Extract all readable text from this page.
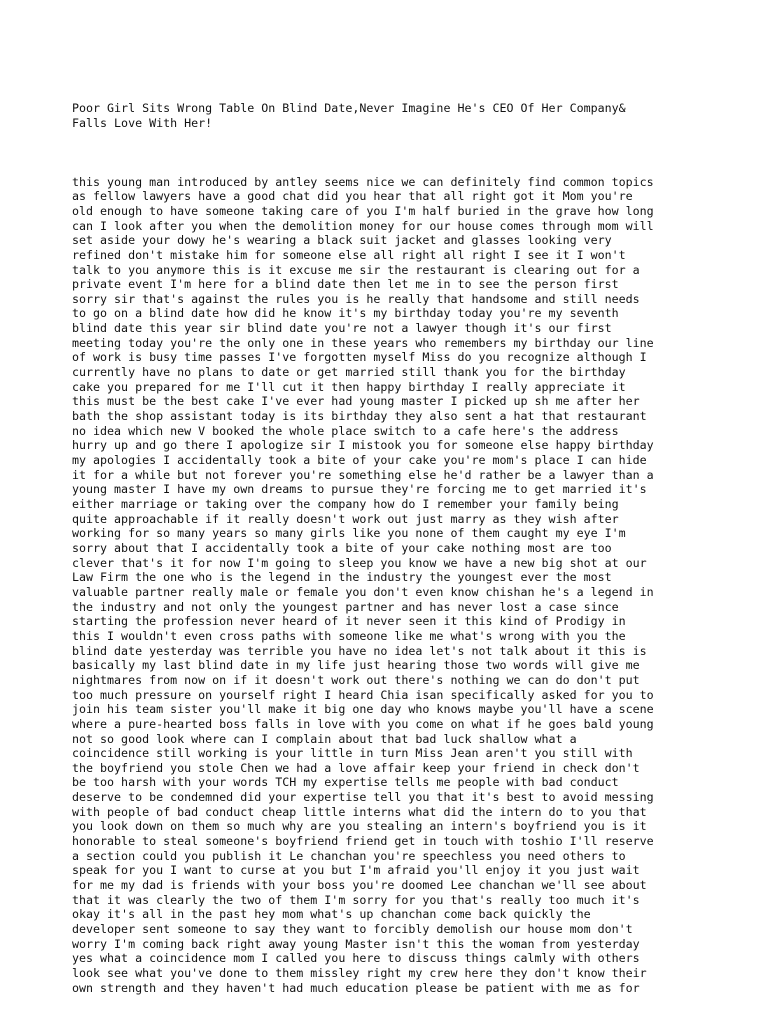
Poor Girl Sits Wrong Table On Blind Date,Never Imagine He's CEO Of Her Company&
Falls Love With Her!

this young man introduced by antley seems nice we can definitely find common topics
as fellow lawyers have a good chat did you hear that all right got it Mom you're
old enough to have someone taking care of you I'm half buried in the grave how long
can I look after you when the demolition money for our house comes through mom will
set aside your dowy he's wearing a black suit jacket and glasses looking very
refined don't mistake him for someone else all right all right I see it I won't
talk to you anymore this is it excuse me sir the restaurant is clearing out for a
private event I'm here for a blind date then let me in to see the person first
sorry sir that's against the rules you is he really that handsome and still needs
to go on a blind date how did he know it's my birthday today you're my seventh
blind date this year sir blind date you're not a lawyer though it's our first
meeting today you're the only one in these years who remembers my birthday our line
of work is busy time passes I've forgotten myself Miss do you recognize although I
currently have no plans to date or get married still thank you for the birthday
cake you prepared for me I'll cut it then happy birthday I really appreciate it
this must be the best cake I've ever had young master I picked up sh me after her
bath the shop assistant today is its birthday they also sent a hat that restaurant
no idea which new V booked the whole place switch to a cafe here's the address
hurry up and go there I apologize sir I mistook you for someone else happy birthday
my apologies I accidentally took a bite of your cake you're mom's place I can hide
it for a while but not forever you're something else he'd rather be a lawyer than a
young master I have my own dreams to pursue they're forcing me to get married it's
either marriage or taking over the company how do I remember your family being
quite approachable if it really doesn't work out just marry as they wish after
working for so many years so many girls like you none of them caught my eye I'm
sorry about that I accidentally took a bite of your cake nothing most are too
clever that's it for now I'm going to sleep you know we have a new big shot at our
Law Firm the one who is the legend in the industry the youngest ever the most
valuable partner really male or female you don't even know chishan he's a legend in
the industry and not only the youngest partner and has never lost a case since
starting the profession never heard of it never seen it this kind of Prodigy in
this I wouldn't even cross paths with someone like me what's wrong with you the
blind date yesterday was terrible you have no idea let's not talk about it this is
basically my last blind date in my life just hearing those two words will give me
nightmares from now on if it doesn't work out there's nothing we can do don't put
too much pressure on yourself right I heard Chia isan specifically asked for you to
join his team sister you'll make it big one day who knows maybe you'll have a scene
where a pure-hearted boss falls in love with you come on what if he goes bald young
not so good look where can I complain about that bad luck shallow what a
coincidence still working is your little in turn Miss Jean aren't you still with
the boyfriend you stole Chen we had a love affair keep your friend in check don't
be too harsh with your words TCH my expertise tells me people with bad conduct
deserve to be condemned did your expertise tell you that it's best to avoid messing
with people of bad conduct cheap little interns what did the intern do to you that
you look down on them so much why are you stealing an intern's boyfriend you is it
honorable to steal someone's boyfriend friend get in touch with toshio I'll reserve
a section could you publish it Le chanchan you're speechless you need others to
speak for you I want to curse at you but I'm afraid you'll enjoy it you just wait
for me my dad is friends with your boss you're doomed Lee chanchan we'll see about
that it was clearly the two of them I'm sorry for you that's really too much it's
okay it's all in the past hey mom what's up chanchan come back quickly the
developer sent someone to say they want to forcibly demolish our house mom don't
worry I'm coming back right away young Master isn't this the woman from yesterday
yes what a coincidence mom I called you here to discuss things calmly with others
look see what you've done to them missley right my crew here they don't know their
own strength and they haven't had much education please be patient with me as for
